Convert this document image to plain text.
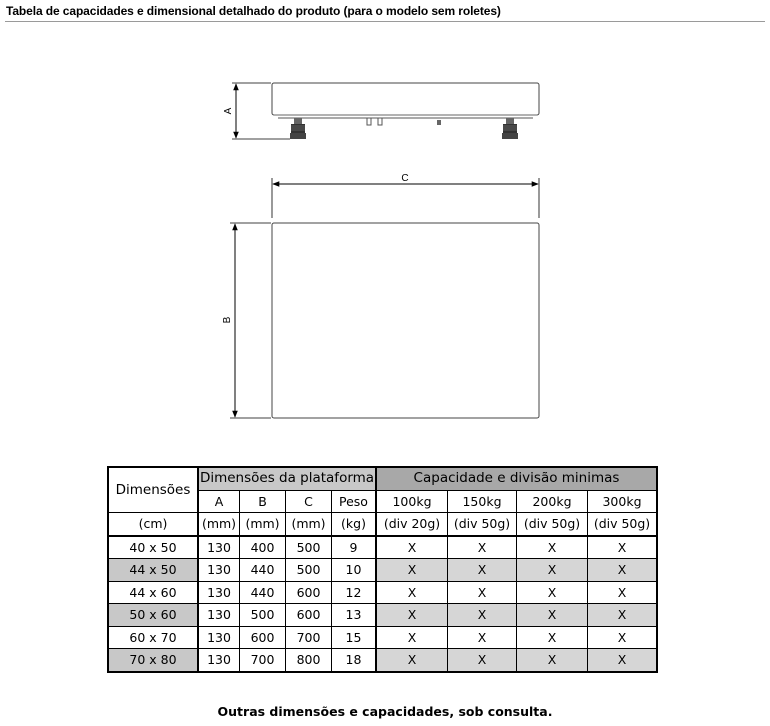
Tabela de capacidades e dimensional detalhado do produto (para o modelo sem roletes)
A
C
B
Dimensões	Dimensões da plataforma				Capacidade e divisão minimas			
	A	B	C	Peso	100kg	150kg	200kg	300kg
(cm)	(mm)	(mm)	(mm)	(kg)	(div 20g)	(div 50g)	(div 50g)	(div 50g)
40 x 50	130	400	500	9	X	X	X	X
44 x 50	130	440	500	10	X	X	X	X
44 x 60	130	440	600	12	X	X	X	X
50 x 60	130	500	600	13	X	X	X	X
60 x 70	130	600	700	15	X	X	X	X
70 x 80	130	700	800	18	X	X	X	X
Outras dimensões e capacidades, sob consulta.
